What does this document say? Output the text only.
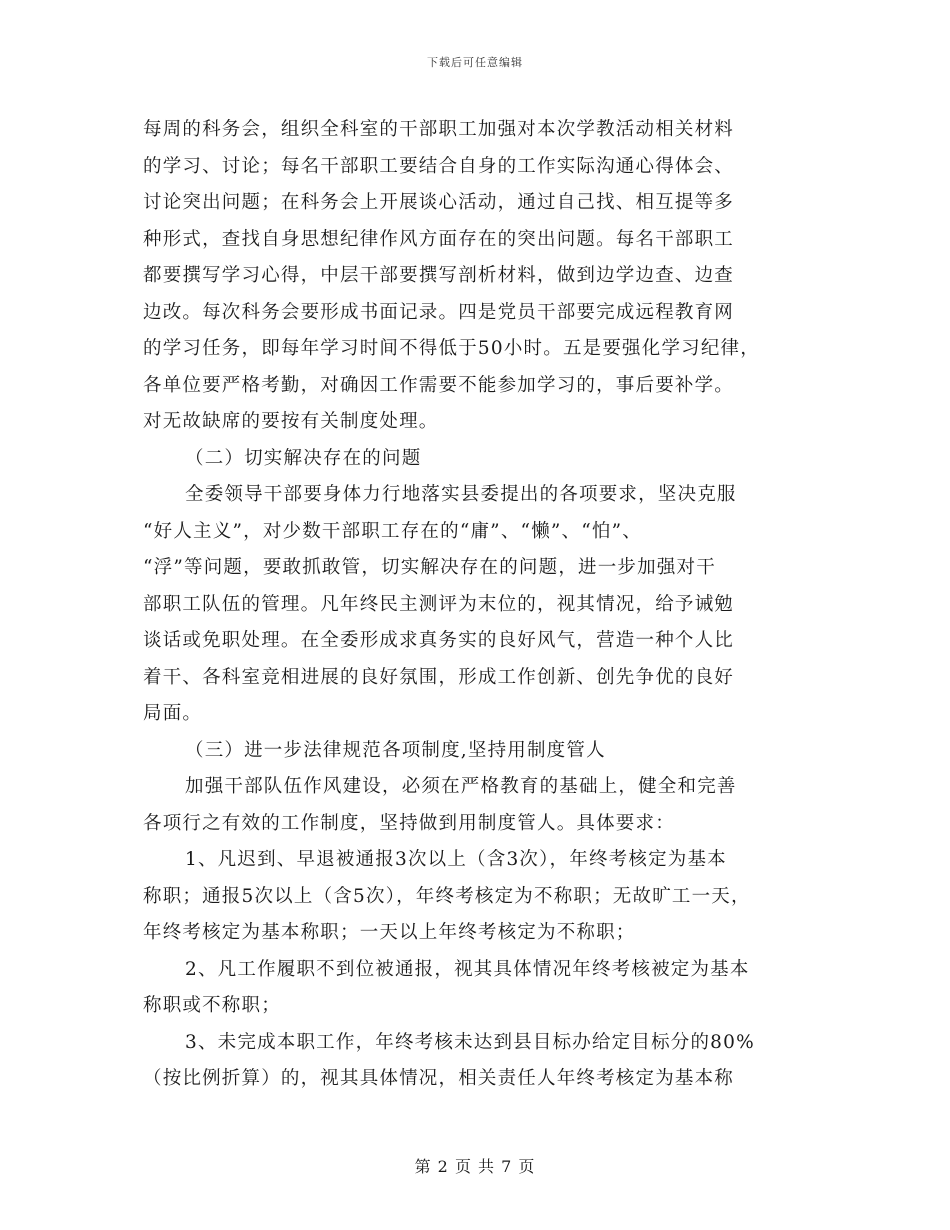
下载后可任意编辑
每周的科务会，组织全科室的干部职工加强对本次学教活动相关材料
的学习、讨论；每名干部职工要结合自身的工作实际沟通心得体会、
讨论突出问题；在科务会上开展谈心活动，通过自己找、相互提等多
种形式，查找自身思想纪律作风方面存在的突出问题。每名干部职工
都要撰写学习心得，中层干部要撰写剖析材料，做到边学边查、边查
边改。每次科务会要形成书面记录。四是党员干部要完成远程教育网
的学习任务，即每年学习时间不得低于50小时。五是要强化学习纪律，
各单位要严格考勤，对确因工作需要不能参加学习的，事后要补学。
对无故缺席的要按有关制度处理。
（二）切实解决存在的问题
全委领导干部要身体力行地落实县委提出的各项要求，坚决克服
“好人主义”，对少数干部职工存在的“庸”、“懒”、“怕”、
“浮”等问题，要敢抓敢管，切实解决存在的问题，进一步加强对干
部职工队伍的管理。凡年终民主测评为末位的，视其情况，给予诫勉
谈话或免职处理。在全委形成求真务实的良好风气，营造一种个人比
着干、各科室竞相进展的良好氛围，形成工作创新、创先争优的良好
局面。
（三）进一步法律规范各项制度,坚持用制度管人
加强干部队伍作风建设，必须在严格教育的基础上，健全和完善
各项行之有效的工作制度，坚持做到用制度管人。具体要求：
1、凡迟到、早退被通报3次以上（含3次），年终考核定为基本
称职；通报5次以上（含5次），年终考核定为不称职；无故旷工一天，
年终考核定为基本称职；一天以上年终考核定为不称职；
2、凡工作履职不到位被通报，视其具体情况年终考核被定为基本
称职或不称职；
3、未完成本职工作，年终考核未达到县目标办给定目标分的80%
（按比例折算）的，视其具体情况，相关责任人年终考核定为基本称
第 2 页 共 7 页
